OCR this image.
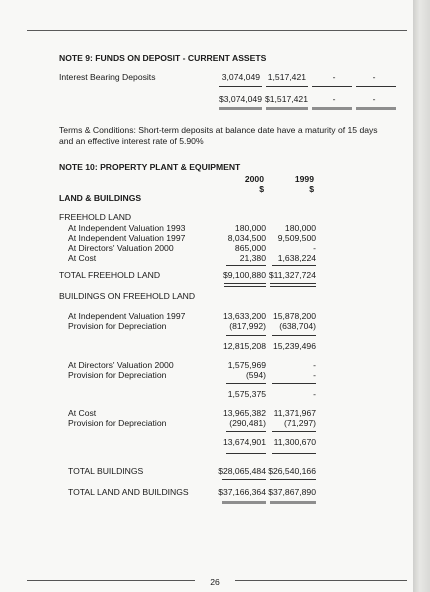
NOTE 9: FUNDS ON DEPOSIT - CURRENT ASSETS
Interest Bearing Deposits	3,074,049 1,517,421	-	-
$3,074,049 $1,517,421	-	-
Terms & Conditions: Short-term deposits at balance date have a maturity of 15 days and an effective interest rate of 5.90%
NOTE 10: PROPERTY PLANT & EQUIPMENT
2000	1999
$	$
LAND & BUILDINGS
FREEHOLD LAND
At Independent Valuation 1993	180,000	180,000
At Independent Valuation 1997	8,034,500	9,509,500
At Directors' Valuation 2000	865,000	-
At Cost	21,380	1,638,224
TOTAL FREEHOLD LAND	$9,100,880 $11,327,724
BUILDINGS ON FREEHOLD LAND
At Independent Valuation 1997	13,633,200 15,878,200
Provision for Depreciation	(817,992)	(638,704)
12,815,208 15,239,496
At Directors' Valuation 2000	1,575,969	-
Provision for Depreciation	(594)	-
1,575,375	-
At Cost	13,965,382 11,371,967
Provision for Depreciation	(290,481)	(71,297)
13,674,901 11,300,670
TOTAL BUILDINGS	$28,065,484 $26,540,166
TOTAL LAND AND BUILDINGS	$37,166,364 $37,867,890
26
